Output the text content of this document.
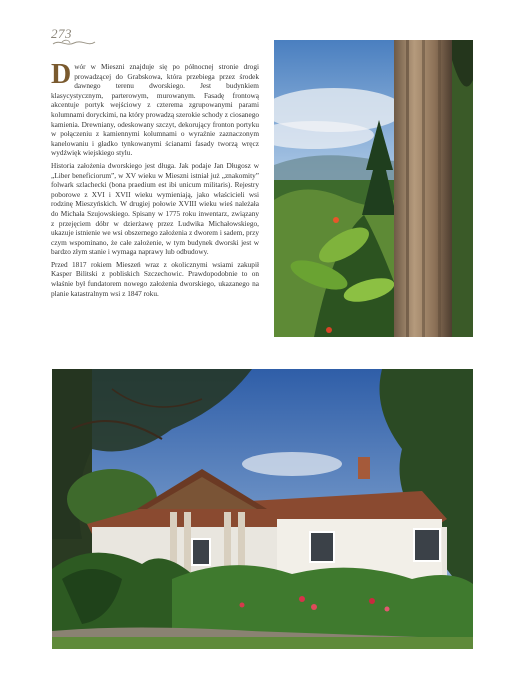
273

Dwór w Mieszni znajduje się po północnej stronie drogi prowadzącej do Grabskowa, która przebiega przez środek dawnego terenu dworskiego. Jest budynkiem klasycystycznym, parterowym, murowanym. Fasadę frontową akcentuje portyk wejściowy z czterema zgrupowanymi parami kolumnami doryckimi, na który prowadzą szerokie schody z ciosanego kamienia. Drewniany, odeskowany szczyt, dekorujący fronton portyku w połączeniu z kamiennymi kolumnami o wyraźnie zaznaczonym kanelowaniu i gładko tynkowanymi ścianami fasady tworzą wręcz wydźwięk wiejskiego stylu.

Historia założenia dworskiego jest długa. Jak podaje Jan Długosz w „Liber beneficiorum”, w XV wieku w Mieszni istniał już „znakomity” folwark szlachecki (bona praedium est ibi unicum militaris). Rejestry poborowe z XVI i XVII wieku wymieniają, jako właścicieli wsi rodzinę Mieszyńskich. W drugiej połowie XVIII wieku wieś należała do Michała Szujowskiego. Spisany w 1775 roku inwentarz, związany z przejęciem dóbr w dzierżawę przez Ludwika Michałowskiego, ukazuje istnienie we wsi obszernego założenia z dworem i sadem, przy czym wspominano, że całe założenie, w tym budynek dworski jest w bardzo złym stanie i wymaga naprawy lub odbudowy.

Przed 1817 rokiem Mieszeń wraz z okolicznymi wsiami zakupił Kasper Bilitski z pobliskich Szczechowic. Prawdopodobnie to on właśnie był fundatorem nowego założenia dworskiego, ukazanego na planie katastralnym wsi z 1847 roku.
